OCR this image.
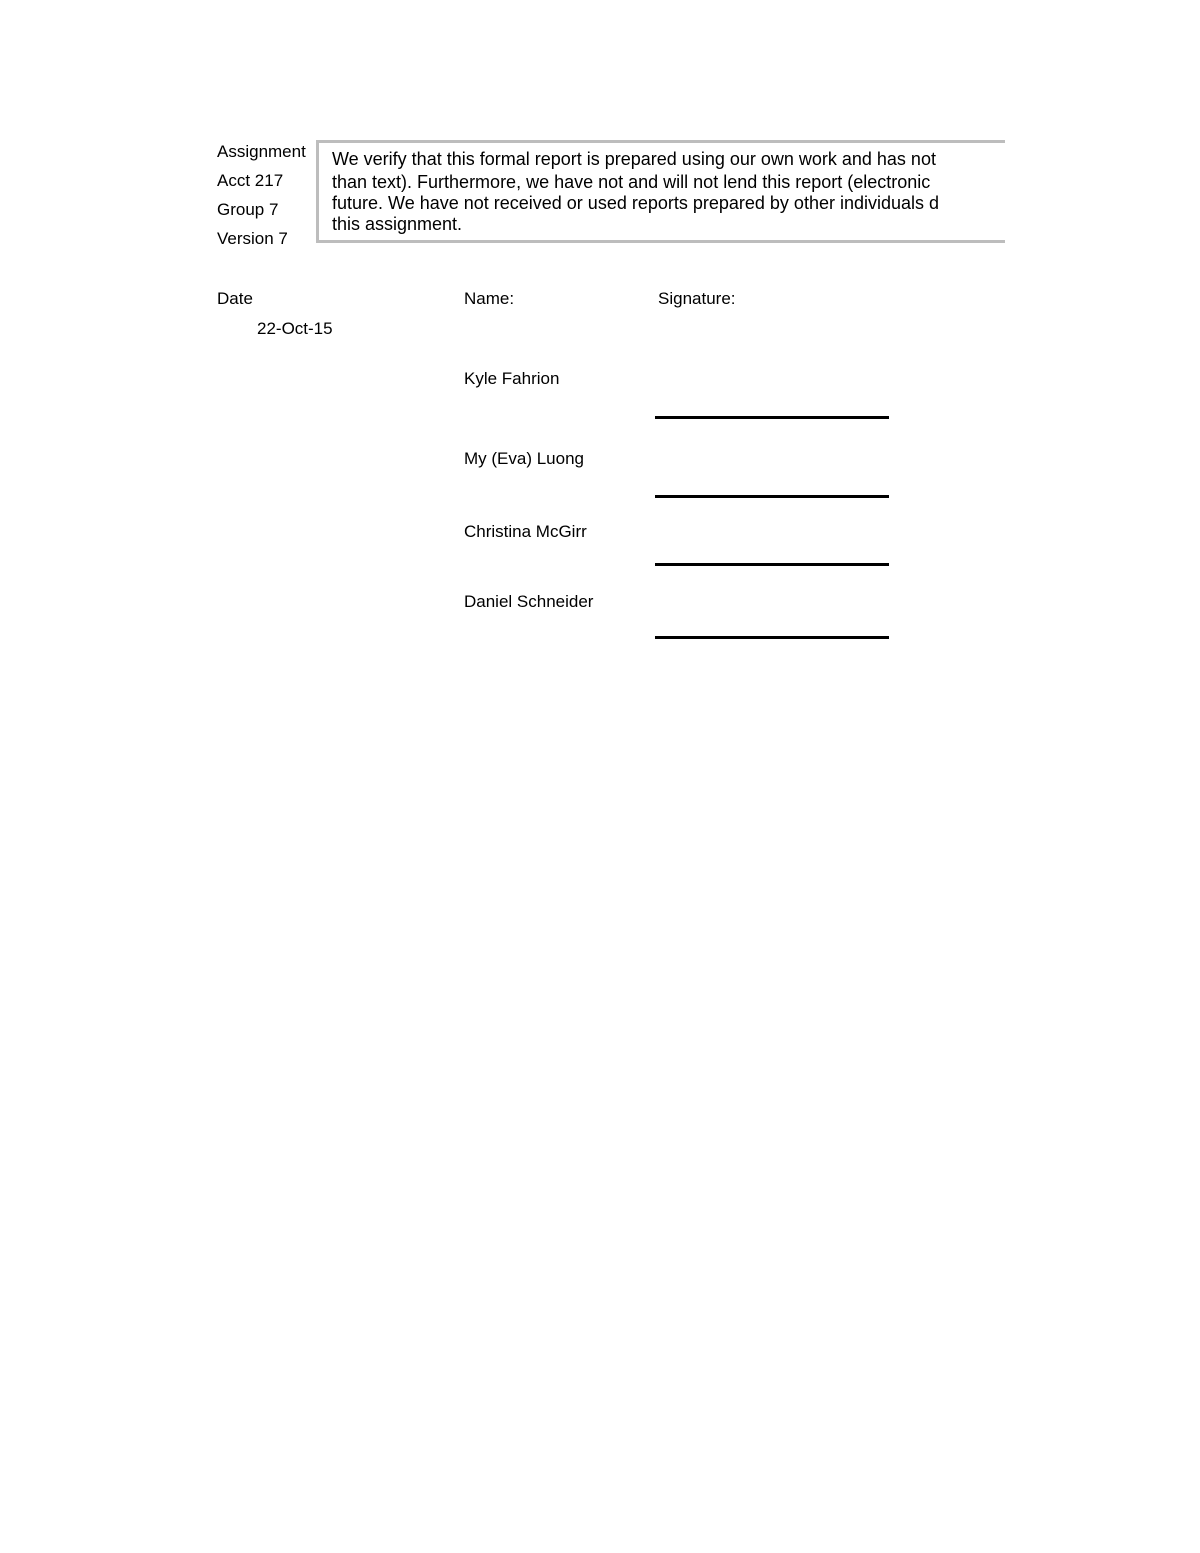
Assignment
Acct 217
Group 7
Version 7
We verify that this formal report is prepared using our own work and has not
than text). Furthermore, we have not and will not lend this report (electronic
future. We have not received or used reports prepared by other individuals d
this assignment.
Date	Name:	Signature:
22-Oct-15
Kyle Fahrion
My (Eva) Luong
Christina McGirr
Daniel Schneider
